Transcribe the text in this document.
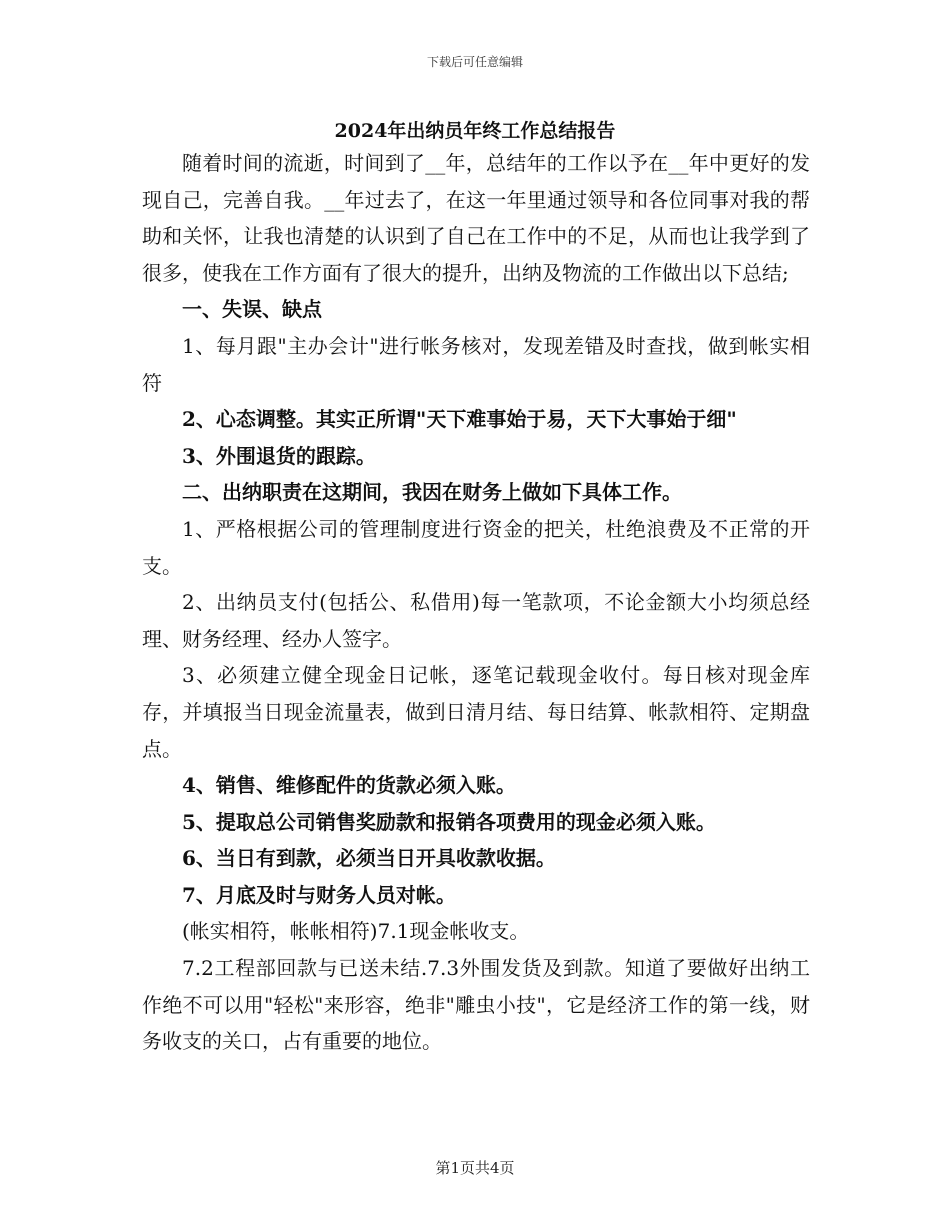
下载后可任意编辑
2024年出纳员年终工作总结报告

随着时间的流逝，时间到了__年，总结年的工作以予在__年中更好的发现自己，完善自我。__年过去了，在这一年里通过领导和各位同事对我的帮助和关怀，让我也清楚的认识到了自己在工作中的不足，从而也让我学到了很多，使我在工作方面有了很大的提升，出纳及物流的工作做出以下总结;

一、失误、缺点

1、每月跟"主办会计"进行帐务核对，发现差错及时查找，做到帐实相符

2、心态调整。其实正所谓"天下难事始于易，天下大事始于细"

3、外围退货的跟踪。

二、出纳职责在这期间，我因在财务上做如下具体工作。

1、严格根据公司的管理制度进行资金的把关，杜绝浪费及不正常的开支。

2、出纳员支付(包括公、私借用)每一笔款项，不论金额大小均须总经理、财务经理、经办人签字。

3、必须建立健全现金日记帐，逐笔记载现金收付。每日核对现金库存，并填报当日现金流量表，做到日清月结、每日结算、帐款相符、定期盘点。

4、销售、维修配件的货款必须入账。

5、提取总公司销售奖励款和报销各项费用的现金必须入账。

6、当日有到款，必须当日开具收款收据。

7、月底及时与财务人员对帐。

(帐实相符，帐帐相符)7.1现金帐收支。

7.2工程部回款与已送未结.7.3外围发货及到款。知道了要做好出纳工作绝不可以用"轻松"来形容，绝非"雕虫小技"，它是经济工作的第一线，财务收支的关口，占有重要的地位。

第1页共4页
